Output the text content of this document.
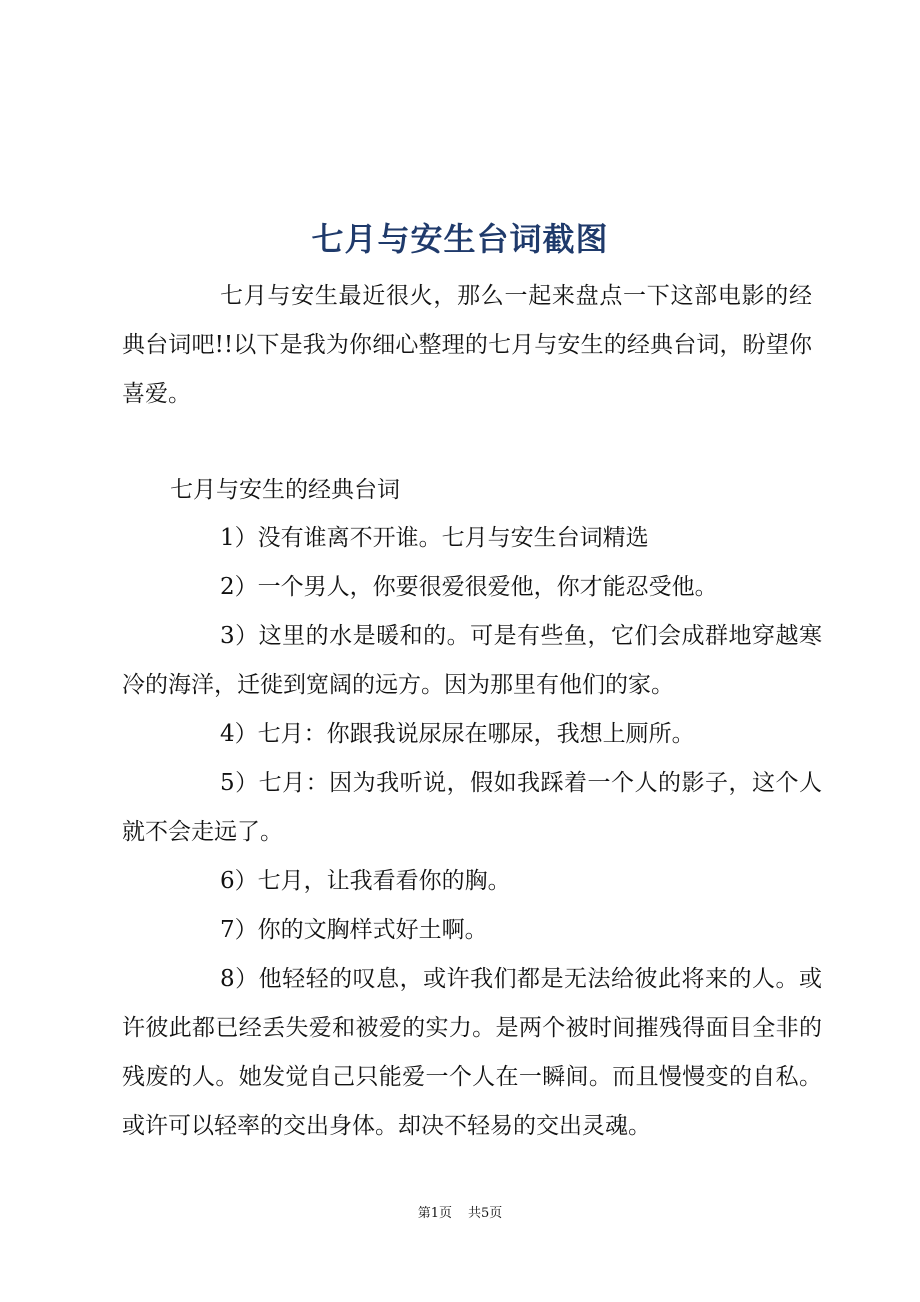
七月与安生台词截图

七月与安生最近很火，那么一起来盘点一下这部电影的经典台词吧!!以下是我为你细心整理的七月与安生的经典台词，盼望你喜爱。

七月与安生的经典台词

1）没有谁离不开谁。七月与安生台词精选

2）一个男人，你要很爱很爱他，你才能忍受他。

3）这里的水是暖和的。可是有些鱼，它们会成群地穿越寒冷的海洋，迁徙到宽阔的远方。因为那里有他们的家。

4）七月：你跟我说尿尿在哪尿，我想上厕所。

5）七月：因为我听说，假如我踩着一个人的影子，这个人就不会走远了。

6）七月，让我看看你的胸。

7）你的文胸样式好土啊。

8）他轻轻的叹息，或许我们都是无法给彼此将来的人。或许彼此都已经丢失爱和被爱的实力。是两个被时间摧残得面目全非的残废的人。她发觉自己只能爱一个人在一瞬间。而且慢慢变的自私。或许可以轻率的交出身体。却决不轻易的交出灵魂。

第1页 共5页
